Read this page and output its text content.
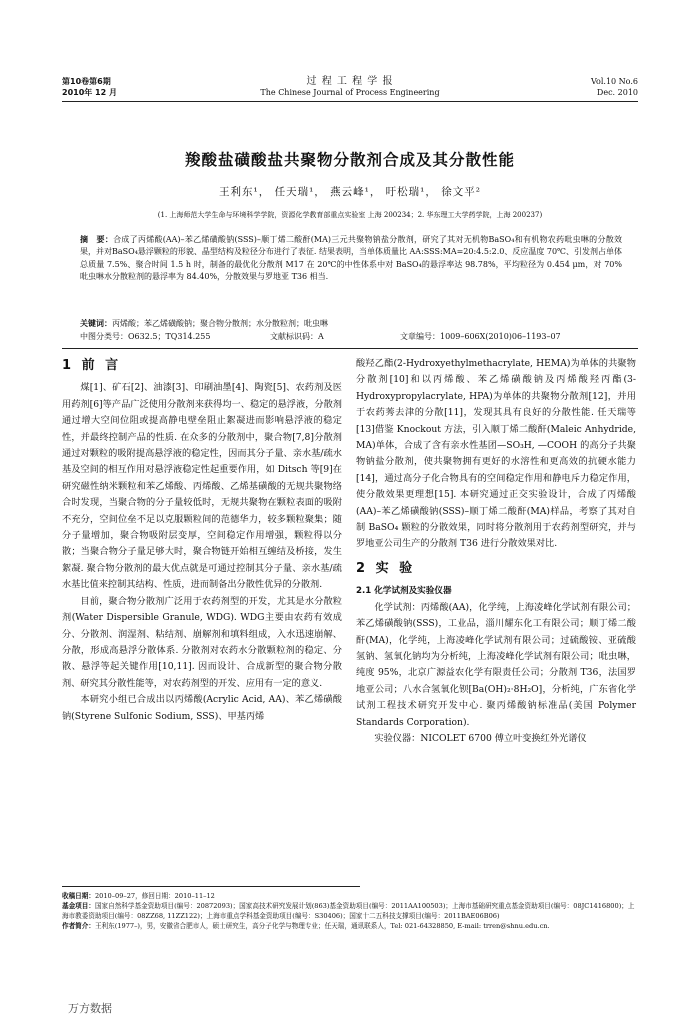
第10卷第6期
2010年 12 月
过 程 工 程 学 报
The Chinese Journal of Process Engineering
Vol.10 No.6
Dec. 2010
羧酸盐磺酸盐共聚物分散剂合成及其分散性能
王利东¹， 任天瑞¹， 燕云峰¹， 吁松瑞¹， 徐文平²
(1. 上海师范大学生命与环境科学学院，资源化学教育部重点实验室 上海 200234；2. 华东理工大学药学院，上海 200237)
摘　要：合成了丙烯酸(AA)–苯乙烯磺酸钠(SSS)–顺丁烯二酸酐(MA)三元共聚物钠盐分散剂，研究了其对无机物BaSO₄和有机物农药吡虫啉的分散效果，并对BaSO₄悬浮颗粒的形貌、晶型结构及粒径分布进行了表征. 结果表明，当单体质量比 AA:SSS:MA=20:4.5:2.0、反应温度 70℃、引发剂占单体总质量 7.5%、聚合时间 1.5 h 时，制备的最优化分散剂 M17 在 20℃的中性体系中对 BaSO₄的悬浮率达 98.78%，平均粒径为 0.454 μm，对 70%吡虫啉水分散粒剂的悬浮率为 84.40%，分散效果与罗地亚 T36 相当.
关键词：丙烯酸；苯乙烯磺酸钠；聚合物分散剂；水分散粒剂；吡虫啉
中图分类号：O632.5；TQ314.255	文献标识码：A	文章编号：1009–606X(2010)06–1193–07
1 前 言

煤[1]、矿石[2]、油漆[3]、印刷油墨[4]、陶瓷[5]、农药剂及医用药剂[6]等产品广泛使用分散剂来获得均一、稳定的悬浮液，分散剂通过增大空间位阻或提高静电壁垒阻止絮凝进而影响悬浮液的稳定性，并最终控制产品的性质. 在众多的分散剂中，聚合物[7,8]分散剂通过对颗粒的吸附提高悬浮液的稳定性，因而其分子量、亲水基/疏水基及空间的相互作用对悬浮液稳定性起重要作用，如 Ditsch 等[9]在研究磁性纳米颗粒和苯乙烯酸、丙烯酸、乙烯基磺酸的无规共聚物络合时发现，当聚合物的分子量较低时，无规共聚物在颗粒表面的吸附不充分，空间位垒不足以克服颗粒间的范德华力，较多颗粒聚集；随分子量增加，聚合物吸附层变厚，空间稳定作用增强，颗粒得以分散；当聚合物分子量足够大时，聚合物链开始相互缠结及桥接，发生絮凝. 聚合物分散剂的最大优点就是可通过控制其分子量、亲水基/疏水基比值来控制其结构、性质，进而制备出分散性优异的分散剂.

目前，聚合物分散剂广泛用于农药剂型的开发，尤其是水分散粒剂(Water Dispersible Granule, WDG). WDG主要由农药有效成分、分散剂、润湿剂、粘结剂、崩解剂和填料组成，入水迅速崩解、分散，形成高悬浮分散体系. 分散剂对农药水分散颗粒剂的稳定、分散、悬浮等起关键作用[10,11]. 因而设计、合成新型的聚合物分散剂、研究其分散性能等，对农药剂型的开发、应用有一定的意义.

本研究小组已合成出以丙烯酸(Acrylic Acid, AA)、苯乙烯磺酸钠(Styrene Sulfonic Sodium, SSS)、甲基丙烯

酸羟乙酯(2-Hydroxyethylmethacrylate, HEMA)为单体的共聚物分散剂[10]和以丙烯酸、苯乙烯磺酸钠及丙烯酸羟丙酯(3-Hydroxypropylacrylate, HPA)为单体的共聚物分散剂[12]，并用于农药莠去津的分散[11]，发现其具有良好的分散性能. 任天瑞等[13]借鉴 Knockout 方法，引入顺丁烯二酸酐(Maleic Anhydride, MA)单体，合成了含有亲水性基团—SO₃H, —COOH 的高分子共聚物钠盐分散剂，使共聚物拥有更好的水溶性和更高效的抗硬水能力[14]，通过高分子化合物具有的空间稳定作用和静电斥力稳定作用，使分散效果更理想[15]. 本研究通过正交实验设计，合成了丙烯酸(AA)–苯乙烯磺酸钠(SSS)–顺丁烯二酸酐(MA)样品，考察了其对自制 BaSO₄ 颗粒的分散效果，同时将分散剂用于农药剂型研究，并与罗地亚公司生产的分散剂 T36 进行分散效果对比.

2 实 验
2.1 化学试剂及实验仪器

化学试剂：丙烯酸(AA)，化学纯，上海凌峰化学试剂有限公司；苯乙烯磺酸钠(SSS)，工业品，淄川耀东化工有限公司；顺丁烯二酸酐(MA)，化学纯，上海凌峰化学试剂有限公司；过硫酸铵、亚硫酸氢钠、氢氧化钠均为分析纯，上海凌峰化学试剂有限公司；吡虫啉，纯度 95%，北京广源益农化学有限责任公司；分散剂 T36，法国罗地亚公司；八水合氢氧化钡[Ba(OH)₂·8H₂O]，分析纯，广东省化学试剂工程技术研究开发中心. 聚丙烯酸钠标准品(美国 Polymer Standards Corporation).

实验仪器：NICOLET 6700 傅立叶变换红外光谱仪

收稿日期：2010–09–27，修回日期：2010–11–12
基金项目：国家自然科学基金资助项目(编号：20872093)；国家高技术研究发展计划(863)基金资助项目(编号：2011AA100503)；上海市基础研究重点基金资助项目(编号：08JC1416800)；上海市教委资助项目(编号：08ZZ68, 11ZZ122)；上海市重点学科基金资助项目(编号：S30406)；国家十二五科技支撑项目(编号：2011BAE06B06)
作者简介：王利东(1977–)，男，安徽省合肥市人，硕士研究生，高分子化学与物理专业；任天瑞，通讯联系人，Tel: 021-64328850, E-mail: trren@shnu.edu.cn.
万方数据
